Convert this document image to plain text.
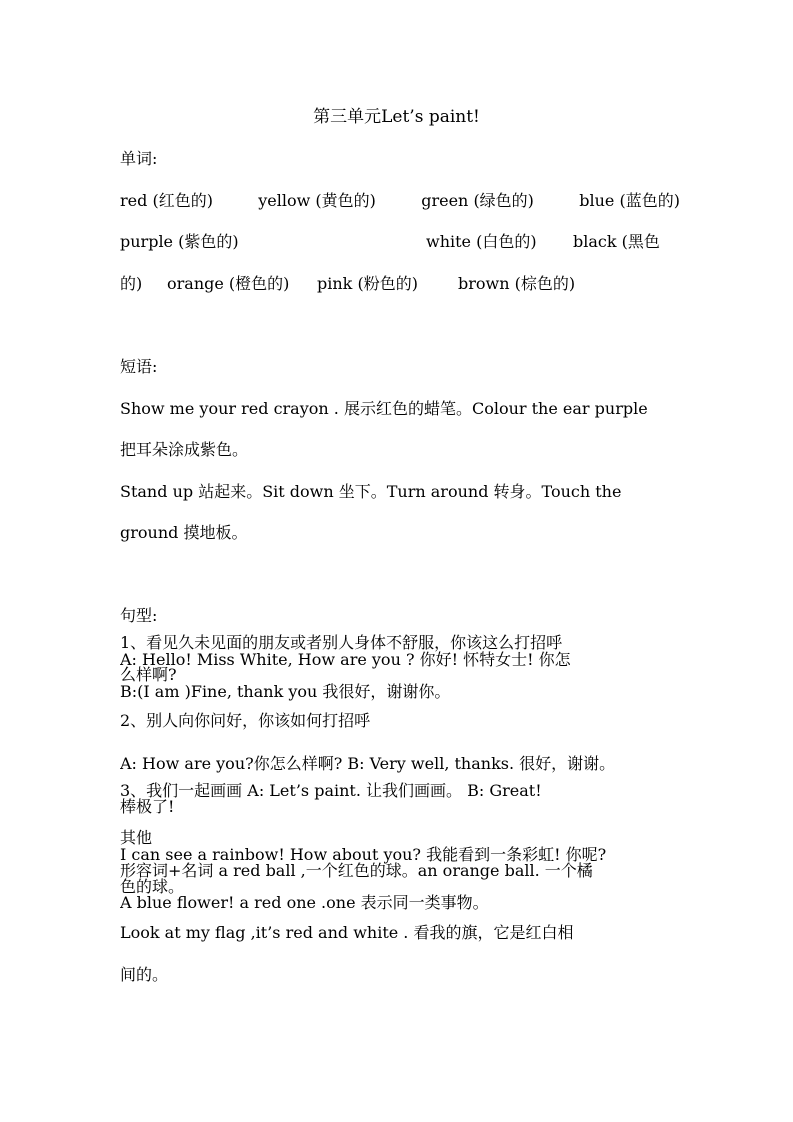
第三单元Let’s paint!
单词:
red (红色的)	yellow (黄色的)	green (绿色的)	blue (蓝色的)
purple (紫色的)	white (白色的) black (黑色
的) orange (橙色的) pink (粉色的)	brown (棕色的)
短语:
Show me your red crayon . 展示红色的蜡笔。Colour the ear purple
把耳朵涂成紫色。
Stand up 站起来。Sit down 坐下。Turn around 转身。Touch the
ground 摸地板。
句型:
1、看见久未见面的朋友或者别人身体不舒服，你该这么打招呼
A: Hello! Miss White, How are you ? 你好! 怀特女士! 你怎
么样啊?
B:(I am )Fine, thank you 我很好，谢谢你。
2、别人向你问好，你该如何打招呼
A: How are you?你怎么样啊? B: Very well, thanks. 很好，谢谢。
3、我们一起画画 A: Let’s paint. 让我们画画。 B: Great!
棒极了!
其他
I can see a rainbow! How about you? 我能看到一条彩虹! 你呢?
形容词+名词 a red ball ,一个红色的球。an orange ball. 一个橘
色的球。
A blue flower! a red one .one 表示同一类事物。
Look at my flag ,it’s red and white . 看我的旗，它是红白相
间的。
